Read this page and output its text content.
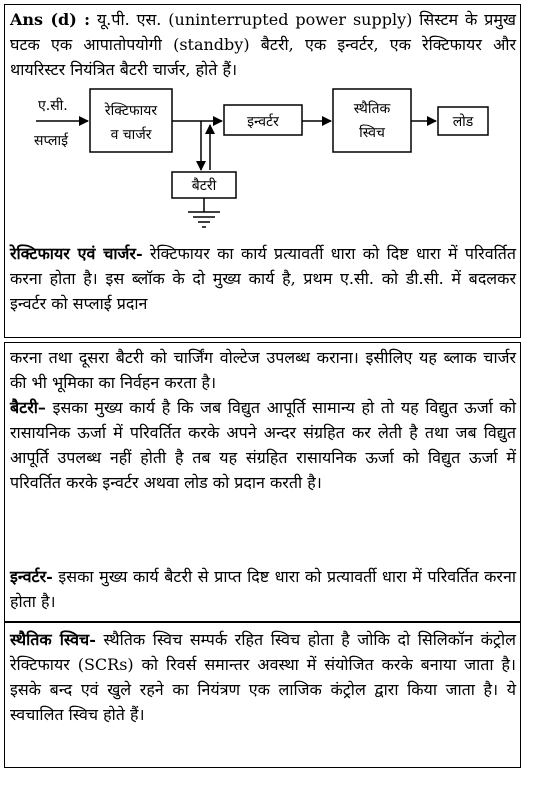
Ans (d) : यू.पी. एस. (uninterrupted power supply) सिस्टम के प्रमुख घटक एक आपातोपयोगी (standby) बैटरी, एक इन्वर्टर, एक रेक्टिफायर और थायरिस्टर नियंत्रित बैटरी चार्जर, होते हैं।
ए.सी.
सप्लाई
रेक्टिफायर
व चार्जर
इन्वर्टर
स्थैतिक
स्विच
लोड
बैटरी
रेक्टिफायर एवं चार्जर- रेक्टिफायर का कार्य प्रत्यावर्ती धारा को दिष्ट धारा में परिवर्तित करना होता है। इस ब्लॉक के दो मुख्य कार्य है, प्रथम ए.सी. को डी.सी. में बदलकर इन्वर्टर को सप्लाई प्रदान
करना तथा दूसरा बैटरी को चार्जिंग वोल्टेज उपलब्ध कराना। इसीलिए यह ब्लाक चार्जर की भी भूमिका का निर्वहन करता है।
बैटरी– इसका मुख्य कार्य है कि जब विद्युत आपूर्ति सामान्य हो तो यह विद्युत ऊर्जा को रासायनिक ऊर्जा में परिवर्तित करके अपने अन्दर संग्रहित कर लेती है तथा जब विद्युत आपूर्ति उपलब्ध नहीं होती है तब यह संग्रहित रासायनिक ऊर्जा को विद्युत ऊर्जा में परिवर्तित करके इन्वर्टर अथवा लोड को प्रदान करती है।
इन्वर्टर- इसका मुख्य कार्य बैटरी से प्राप्त दिष्ट धारा को प्रत्यावर्ती धारा में परिवर्तित करना होता है।
स्थैतिक स्विच- स्थैतिक स्विच सम्पर्क रहित स्विच होता है जोकि दो सिलिकॉन कंट्रोल रेक्टिफायर (SCRs) को रिवर्स समान्तर अवस्था में संयोजित करके बनाया जाता है। इसके बन्द एवं खुले रहने का नियंत्रण एक लाजिक कंट्रोल द्वारा किया जाता है। ये स्वचालित स्विच होते हैं।
